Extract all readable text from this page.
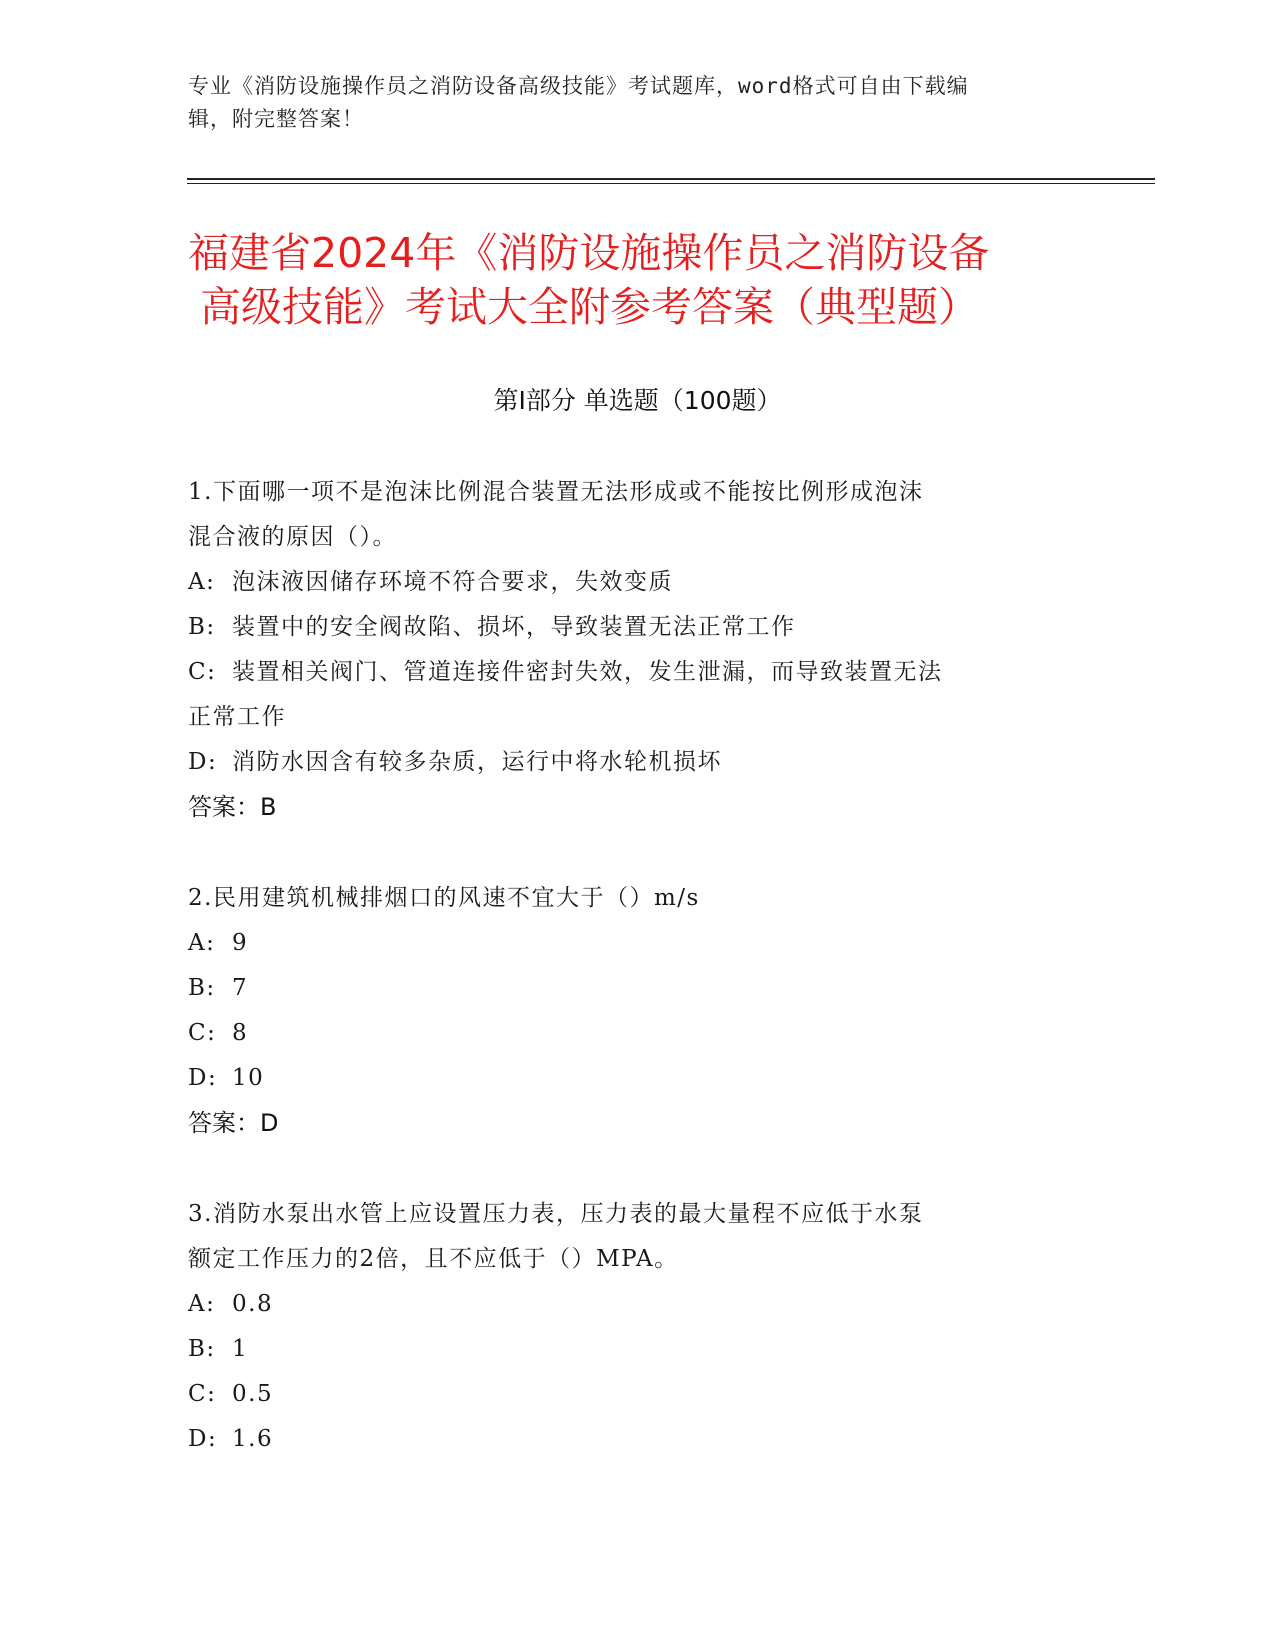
专业《消防设施操作员之消防设备高级技能》考试题库，word格式可自由下载编
辑，附完整答案！
福建省2024年《消防设施操作员之消防设备
高级技能》考试大全附参考答案（典型题）
第Ⅰ部分 单选题（100题）
1.下面哪一项不是泡沫比例混合装置无法形成或不能按比例形成泡沫
混合液的原因（）。
A: 泡沫液因储存环境不符合要求，失效变质
B: 装置中的安全阀故陷、损坏，导致装置无法正常工作
C: 装置相关阀门、管道连接件密封失效，发生泄漏，而导致装置无法
正常工作
D: 消防水因含有较多杂质，运行中将水轮机损坏
答案：B
2.民用建筑机械排烟口的风速不宜大于（）m/s
A: 9
B: 7
C: 8
D: 10
答案：D
3.消防水泵出水管上应设置压力表，压力表的最大量程不应低于水泵
额定工作压力的2倍，且不应低于（）MPA。
A: 0.8
B: 1
C: 0.5
D: 1.6
